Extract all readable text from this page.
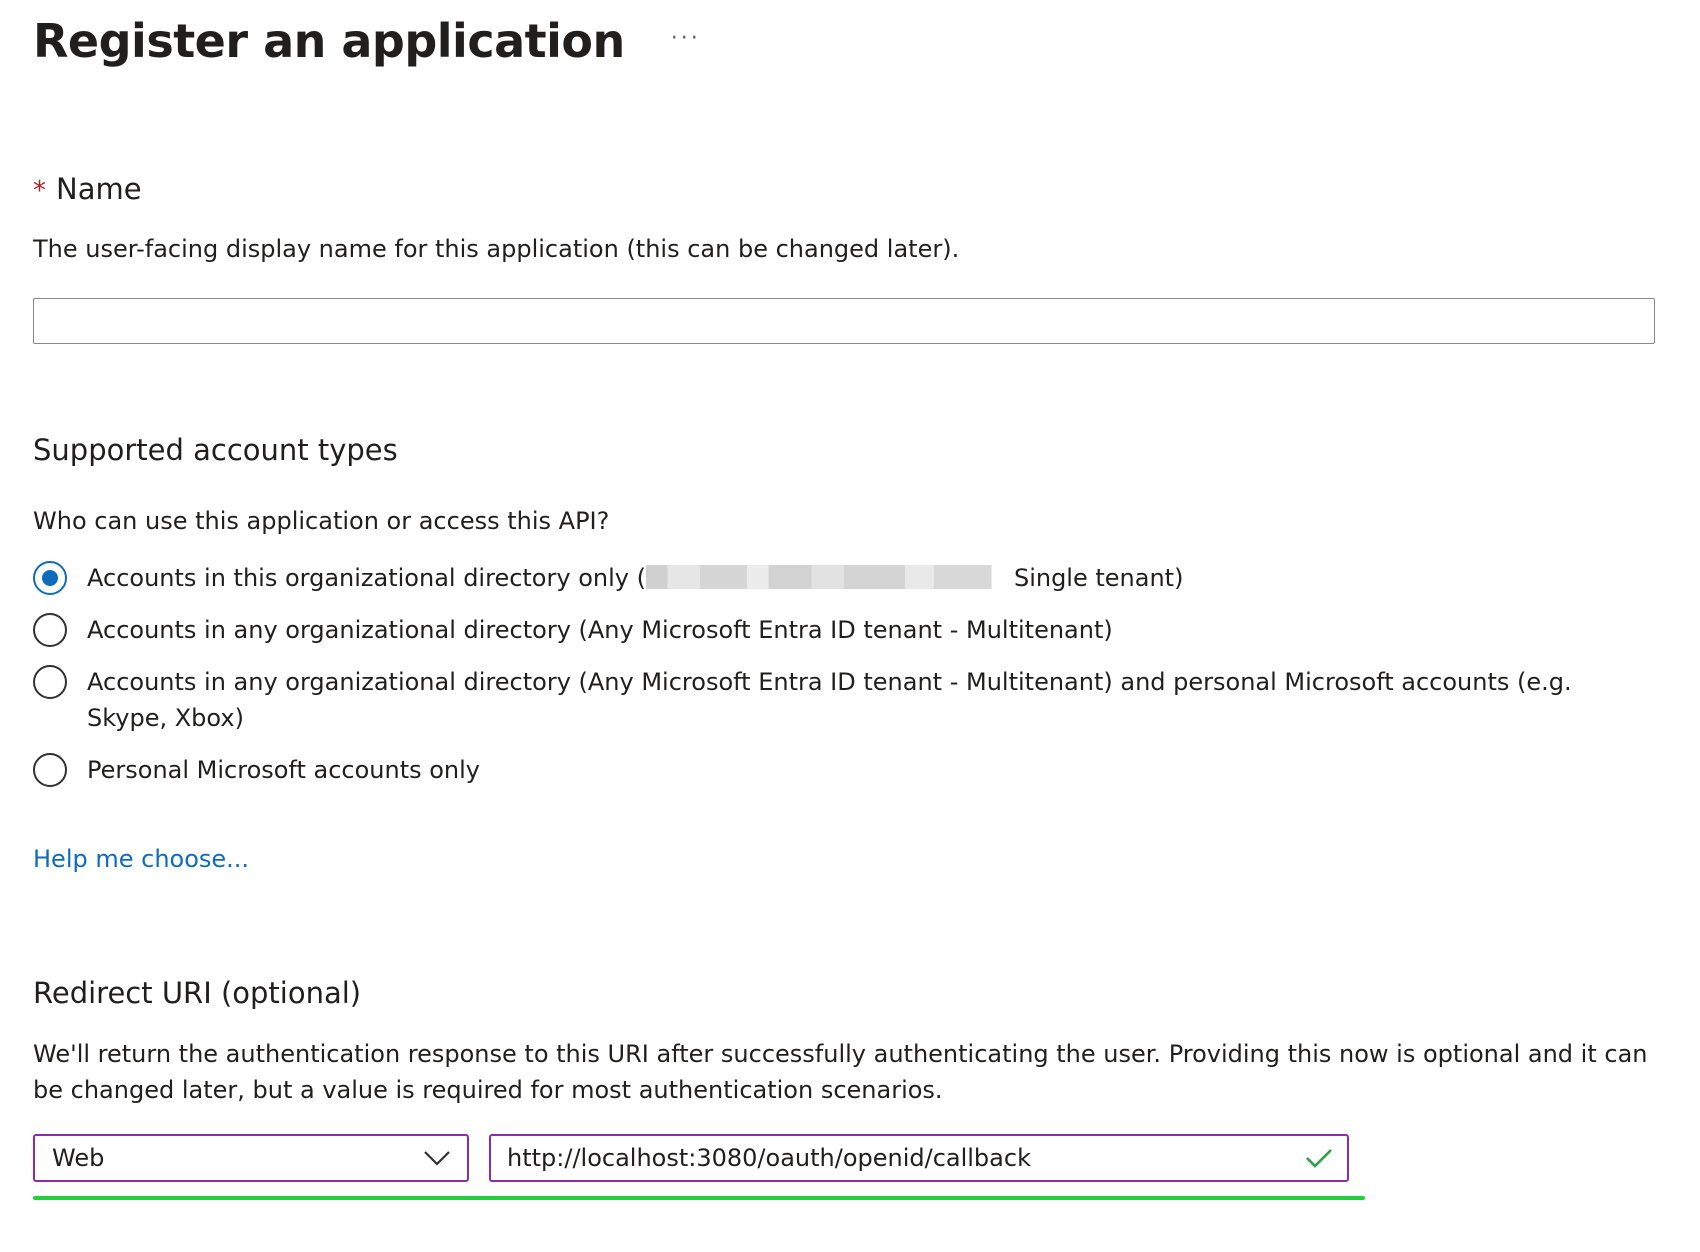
Register an application ···
* Name
The user-facing display name for this application (this can be changed later).
Supported account types
Who can use this application or access this API?
Accounts in this organizational directory only (	Single tenant)
Accounts in any organizational directory (Any Microsoft Entra ID tenant - Multitenant)
Accounts in any organizational directory (Any Microsoft Entra ID tenant - Multitenant) and personal Microsoft accounts (e.g. Skype, Xbox)
Personal Microsoft accounts only
Help me choose...
Redirect URI (optional)
We'll return the authentication response to this URI after successfully authenticating the user. Providing this now is optional and it can be changed later, but a value is required for most authentication scenarios.
Web
http://localhost:3080/oauth/openid/callback
